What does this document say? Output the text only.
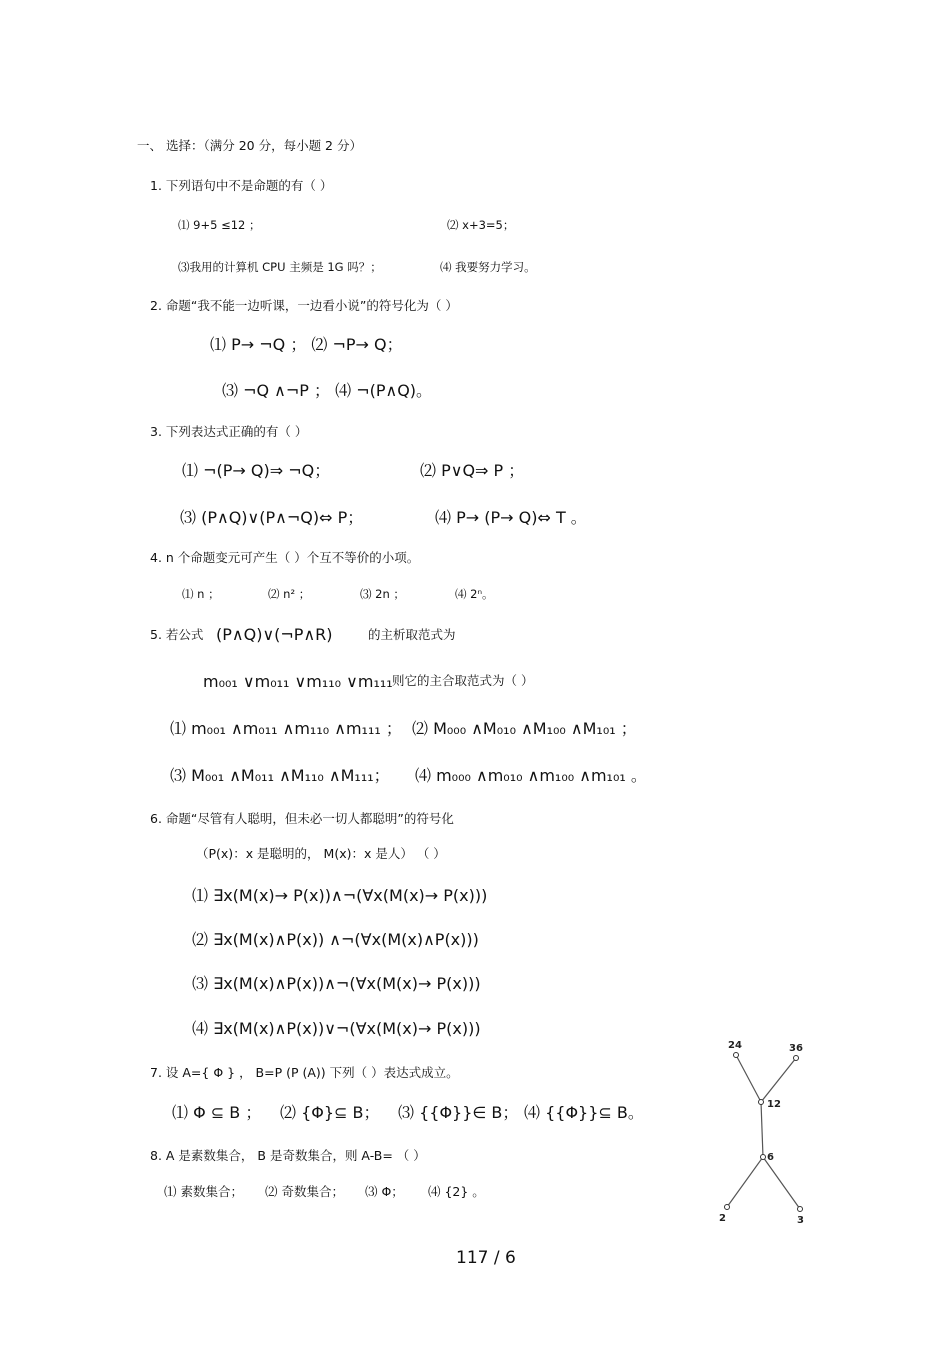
一、 选择：（满分 20 分，每小题 2 分）
1. 下列语句中不是命题的有（ ）
⑴ 9+5 ≤12 ；	⑵ x+3=5；
⑶我用的计算机 CPU 主频是 1G 吗？；	⑷ 我要努力学习。
2. 命题“我不能一边听课，一边看小说”的符号化为（ ）
⑴ P→ ¬Q ； ⑵ ¬P→ Q；
⑶ ¬Q ∧¬P ； ⑷ ¬(P∧Q)。
3. 下列表达式正确的有（ ）
⑴ ¬(P→ Q)⇒ ¬Q；	⑵ P∨Q⇒ P ；
⑶ (P∧Q)∨(P∧¬Q)⇔ P；	⑷ P→ (P→ Q)⇔ T 。
4. n 个命题变元可产生（ ）个互不等价的小项。
⑴ n ；	⑵ n² ；	⑶ 2n ；	⑷ 2ⁿ。
5. 若公式 (P∧Q)∨(¬P∧R)	的主析取范式为
m₀₀₁ ∨m₀₁₁ ∨m₁₁₀ ∨m₁₁₁ 则它的主合取范式为（ ）
⑴ m₀₀₁ ∧m₀₁₁ ∧m₁₁₀ ∧m₁₁₁ ； ⑵ M₀₀₀ ∧M₀₁₀ ∧M₁₀₀ ∧M₁₀₁ ；
⑶ M₀₀₁ ∧M₀₁₁ ∧M₁₁₀ ∧M₁₁₁； ⑷ m₀₀₀ ∧m₀₁₀ ∧m₁₀₀ ∧m₁₀₁ 。
6. 命题“尽管有人聪明，但未必一切人都聪明”的符号化
（P(x)：x 是聪明的， M(x)：x 是人） （ ）
⑴ ∃x(M(x)→ P(x))∧¬(∀x(M(x)→ P(x)))
⑵ ∃x(M(x)∧P(x)) ∧¬(∀x(M(x)∧P(x)))
⑶ ∃x(M(x)∧P(x))∧¬(∀x(M(x)→ P(x)))
⑷ ∃x(M(x)∧P(x))∨¬(∀x(M(x)→ P(x)))
7. 设 A={ Φ } ， B=P (P (A)) 下列（ ）表达式成立。
⑴ Φ ⊆ B ； ⑵ {Φ}⊆ B； ⑶ {{Φ}}∈ B； ⑷ {{Φ}}⊆ B。
8. A 是素数集合， B 是奇数集合，则 A-B= （ ）
⑴ 素数集合； ⑵ 奇数集合； ⑶ Φ； ⑷ {2} 。
24	36
12
6
2	3
117 / 6
